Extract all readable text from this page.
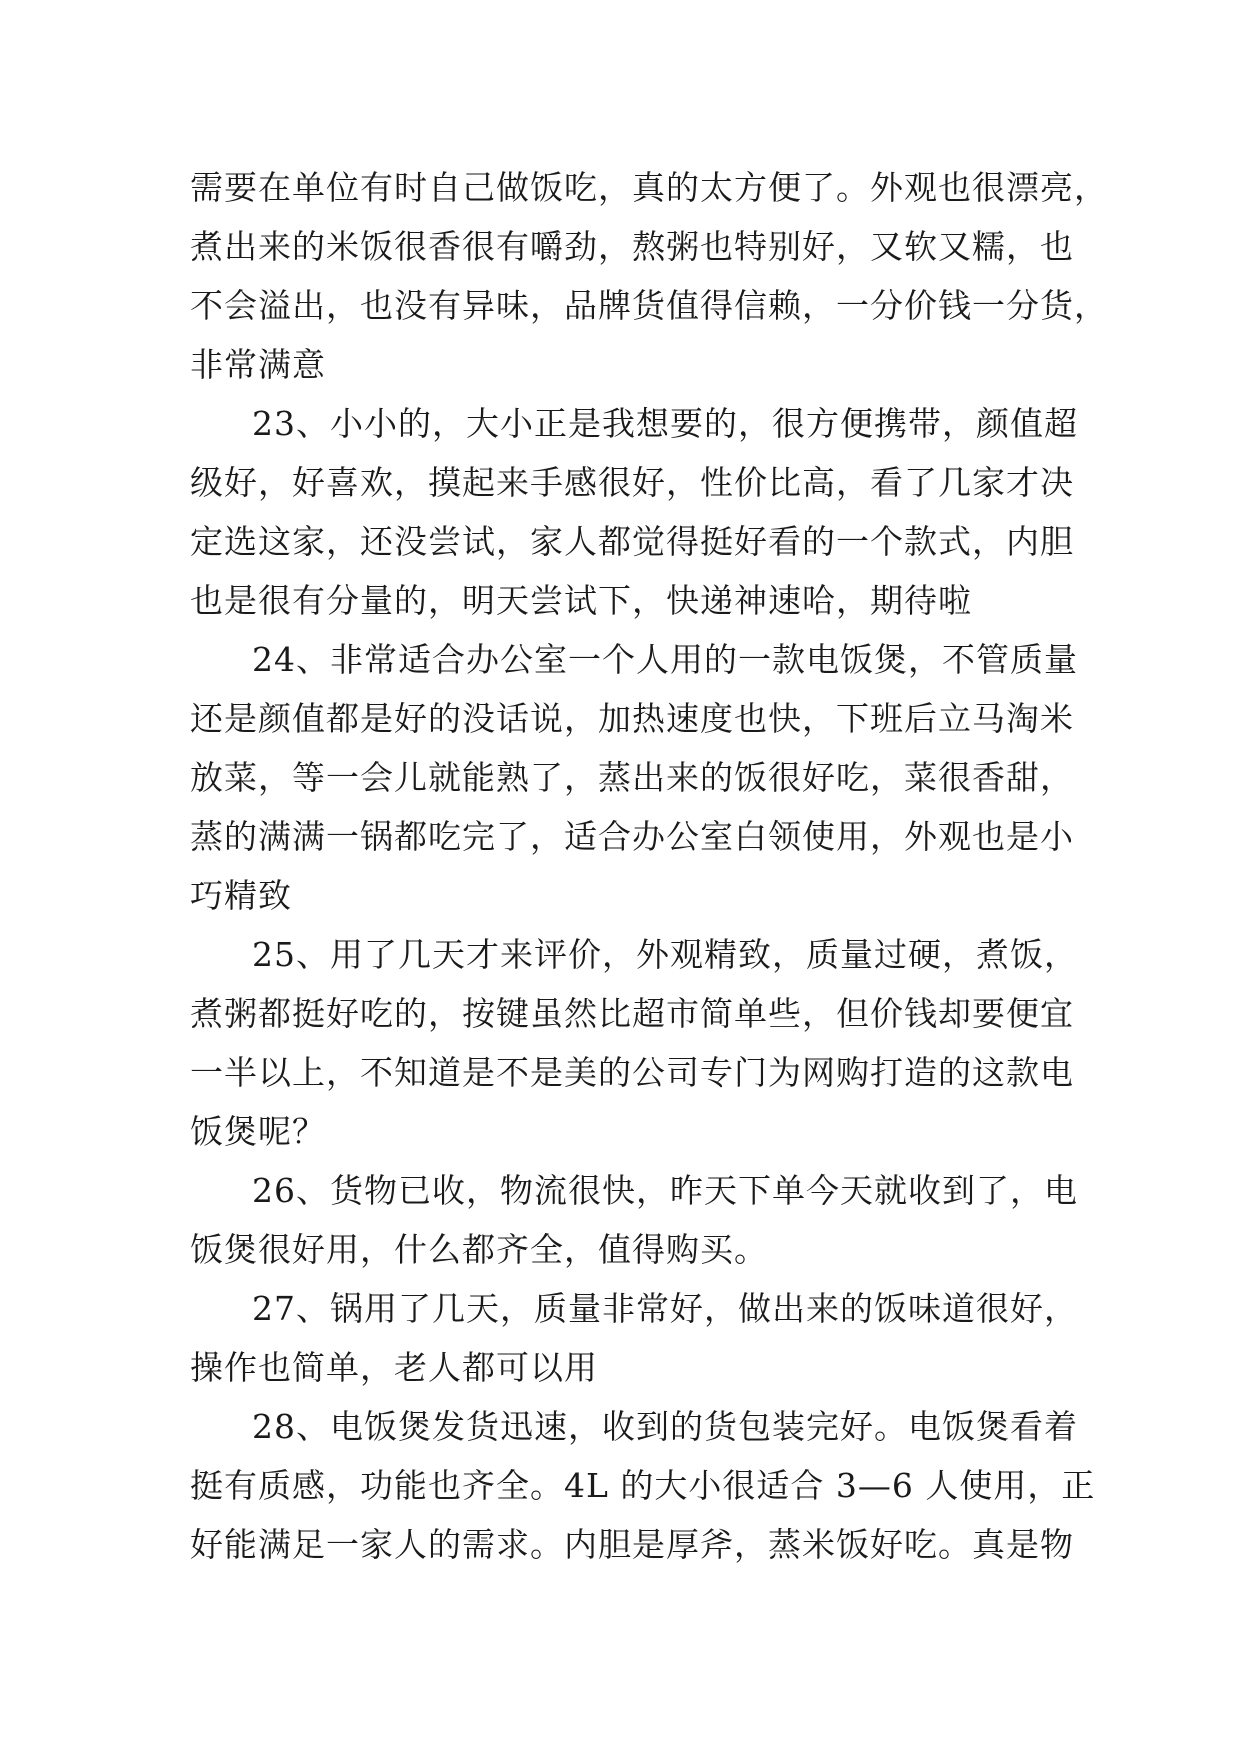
需要在单位有时自己做饭吃，真的太方便了。外观也很漂亮，
煮出来的米饭很香很有嚼劲，熬粥也特别好，又软又糯，也
不会溢出，也没有异味，品牌货值得信赖，一分价钱一分货，
非常满意
23、小小的，大小正是我想要的，很方便携带，颜值超
级好，好喜欢，摸起来手感很好，性价比高，看了几家才决
定选这家，还没尝试，家人都觉得挺好看的一个款式，内胆
也是很有分量的，明天尝试下，快递神速哈，期待啦
24、非常适合办公室一个人用的一款电饭煲，不管质量
还是颜值都是好的没话说，加热速度也快，下班后立马淘米
放菜，等一会儿就能熟了，蒸出来的饭很好吃，菜很香甜，
蒸的满满一锅都吃完了，适合办公室白领使用，外观也是小
巧精致
25、用了几天才来评价，外观精致，质量过硬，煮饭，
煮粥都挺好吃的，按键虽然比超市简单些，但价钱却要便宜
一半以上，不知道是不是美的公司专门为网购打造的这款电
饭煲呢？
26、货物已收，物流很快，昨天下单今天就收到了，电
饭煲很好用，什么都齐全，值得购买。
27、锅用了几天，质量非常好，做出来的饭味道很好，
操作也简单，老人都可以用
28、电饭煲发货迅速，收到的货包装完好。电饭煲看着
挺有质感，功能也齐全。4L 的大小很适合 3—6 人使用，正
好能满足一家人的需求。内胆是厚斧，蒸米饭好吃。真是物
